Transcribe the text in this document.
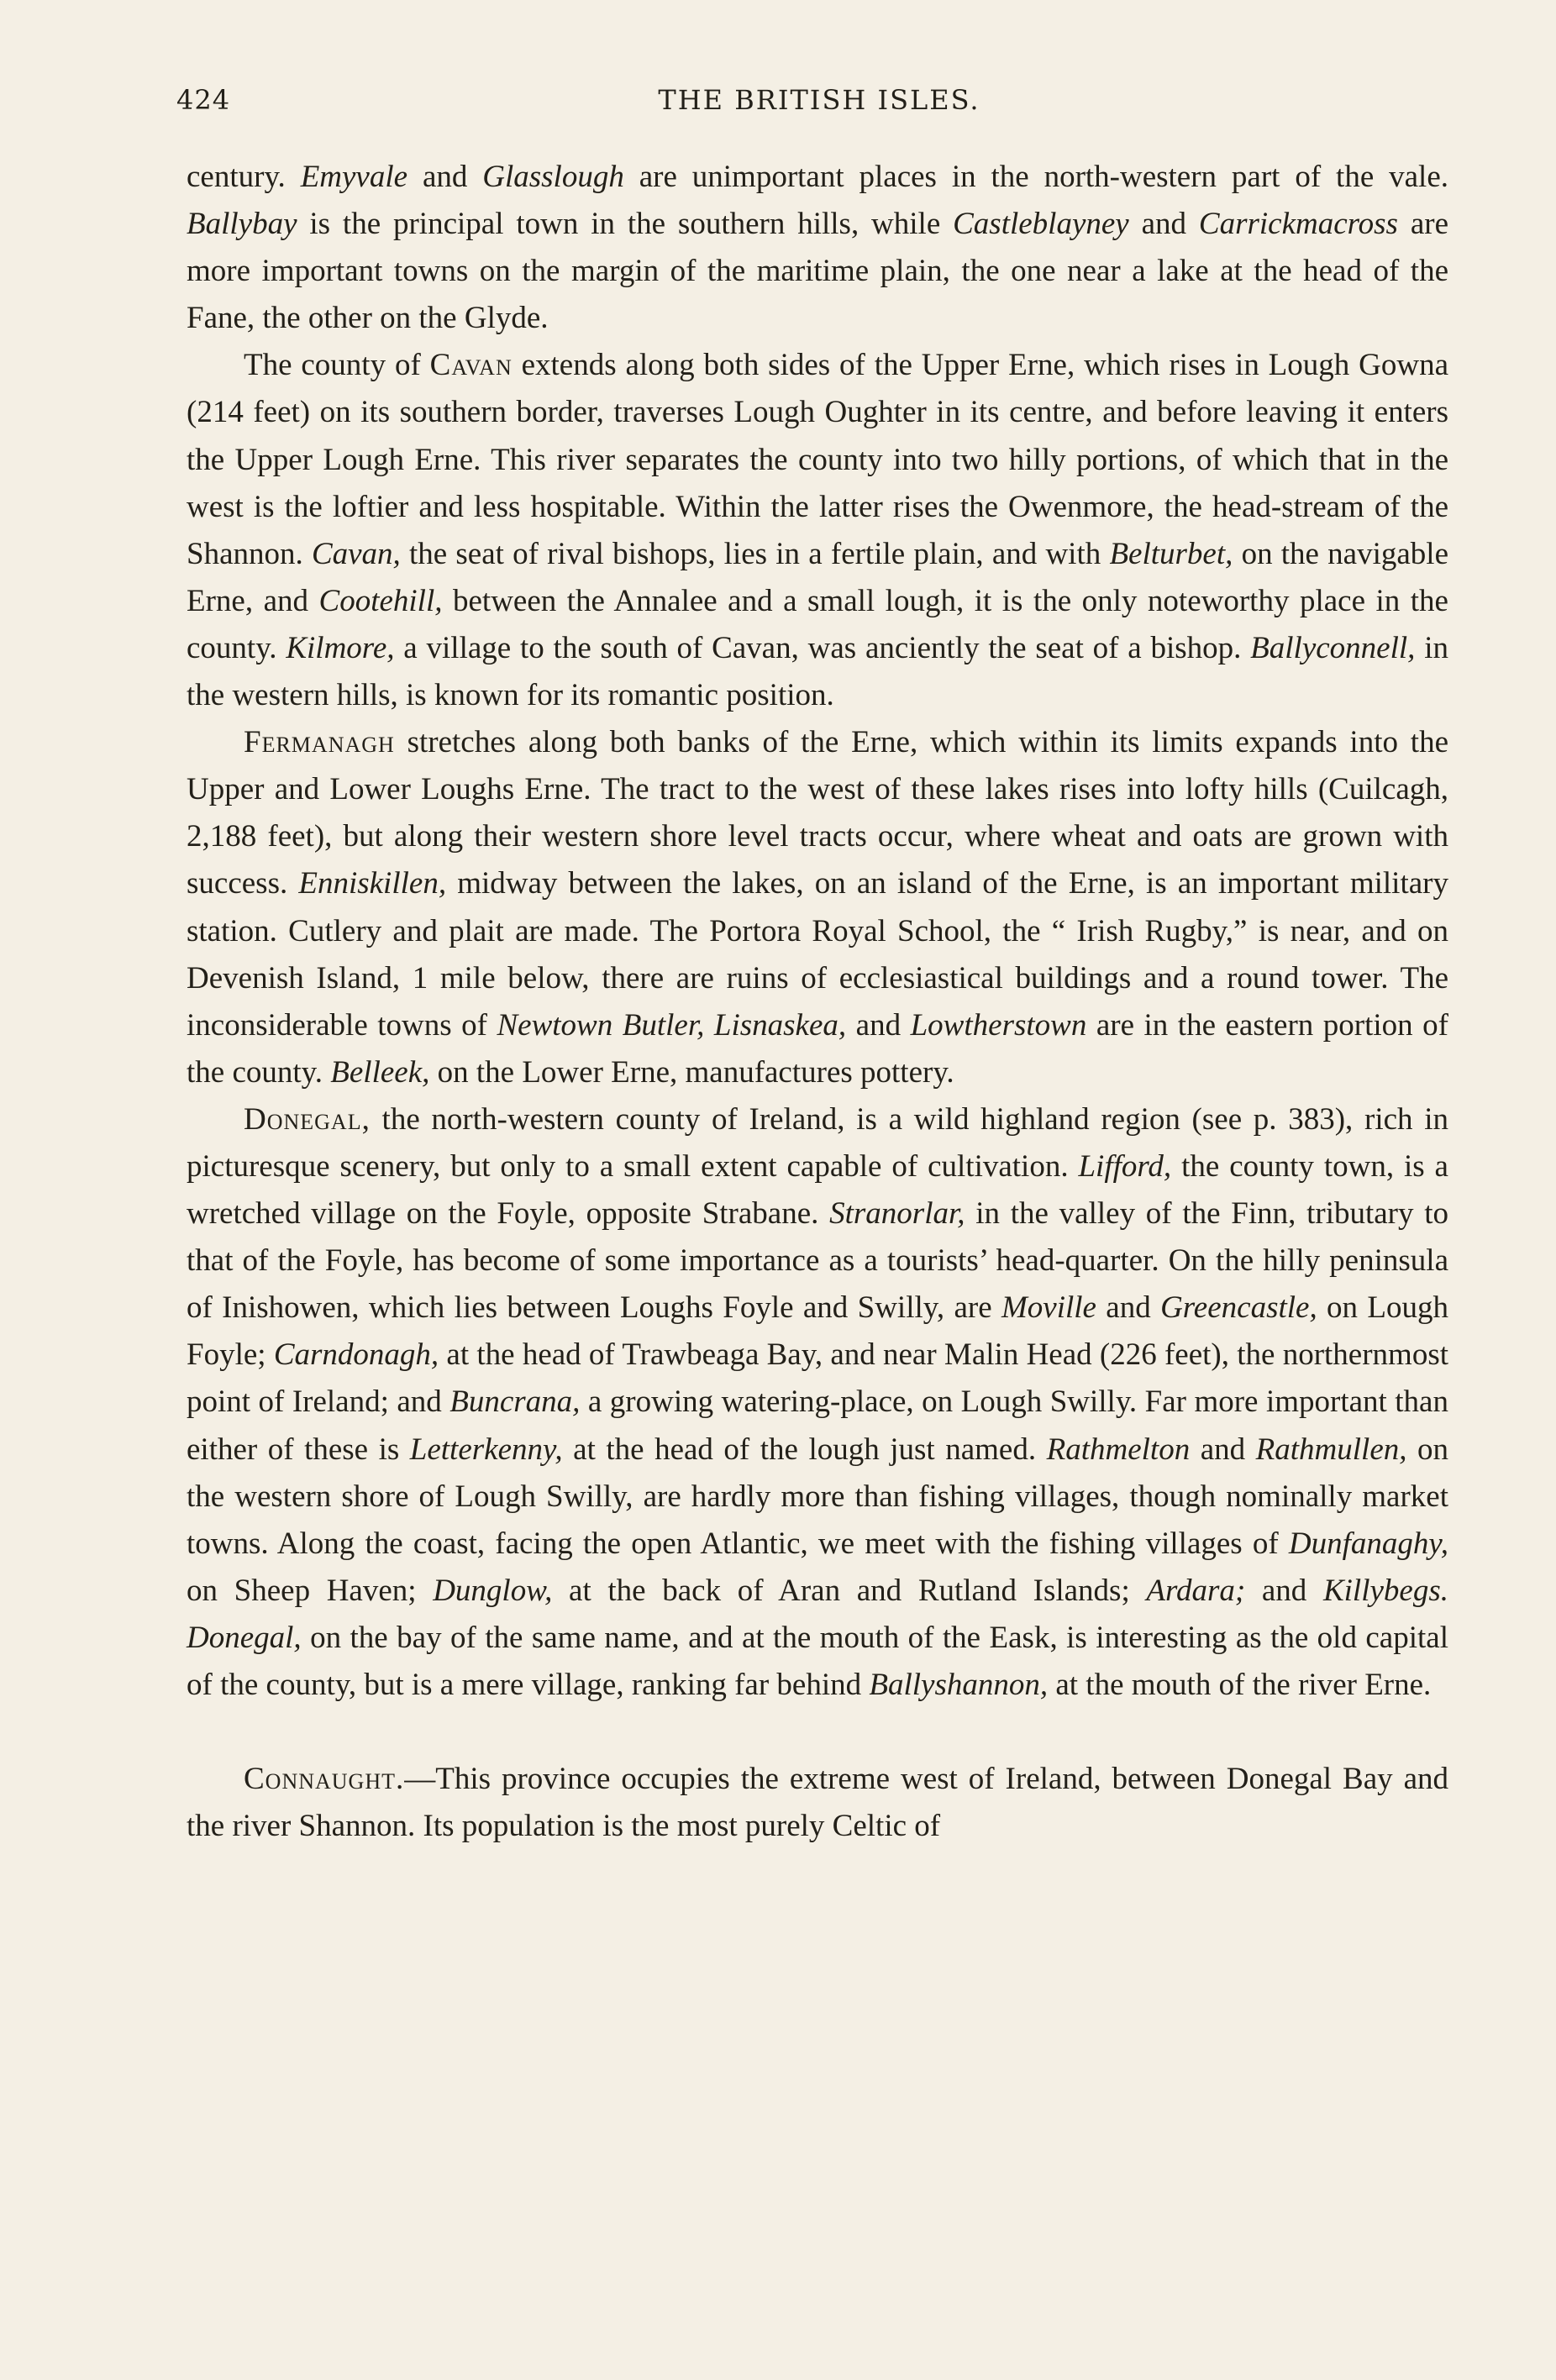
424	THE BRITISH ISLES.

century. Emyvale and Glasslough are unimportant places in the north-western part of the vale. Ballybay is the principal town in the southern hills, while Castleblayney and Carrickmacross are more important towns on the margin of the maritime plain, the one near a lake at the head of the Fane, the other on the Glyde.

The county of Cavan extends along both sides of the Upper Erne, which rises in Lough Gowna (214 feet) on its southern border, traverses Lough Oughter in its centre, and before leaving it enters the Upper Lough Erne. This river separates the county into two hilly portions, of which that in the west is the loftier and less hospitable. Within the latter rises the Owenmore, the head-stream of the Shannon. Cavan, the seat of rival bishops, lies in a fertile plain, and with Belturbet, on the navigable Erne, and Cootehill, between the Annalee and a small lough, it is the only noteworthy place in the county. Kilmore, a village to the south of Cavan, was anciently the seat of a bishop. Ballyconnell, in the western hills, is known for its romantic position.

Fermanagh stretches along both banks of the Erne, which within its limits expands into the Upper and Lower Loughs Erne. The tract to the west of these lakes rises into lofty hills (Cuilcagh, 2,188 feet), but along their western shore level tracts occur, where wheat and oats are grown with success. Enniskillen, midway between the lakes, on an island of the Erne, is an important military station. Cutlery and plait are made. The Portora Royal School, the “ Irish Rugby,” is near, and on Devenish Island, 1 mile below, there are ruins of ecclesiastical buildings and a round tower. The inconsiderable towns of Newtown Butler, Lisnaskea, and Lowtherstown are in the eastern portion of the county. Belleek, on the Lower Erne, manufactures pottery.

Donegal, the north-western county of Ireland, is a wild highland region (see p. 383), rich in picturesque scenery, but only to a small extent capable of cultivation. Lifford, the county town, is a wretched village on the Foyle, opposite Strabane. Stranorlar, in the valley of the Finn, tributary to that of the Foyle, has become of some importance as a tourists’ head-quarter. On the hilly peninsula of Inishowen, which lies between Loughs Foyle and Swilly, are Moville and Greencastle, on Lough Foyle; Carndonagh, at the head of Trawbeaga Bay, and near Malin Head (226 feet), the northernmost point of Ireland; and Buncrana, a growing watering-place, on Lough Swilly. Far more important than either of these is Letterkenny, at the head of the lough just named. Rathmelton and Rathmullen, on the western shore of Lough Swilly, are hardly more than fishing villages, though nominally market towns. Along the coast, facing the open Atlantic, we meet with the fishing villages of Dunfanaghy, on Sheep Haven; Dunglow, at the back of Aran and Rutland Islands; Ardara; and Killybegs. Donegal, on the bay of the same name, and at the mouth of the Eask, is interesting as the old capital of the county, but is a mere village, ranking far behind Ballyshannon, at the mouth of the river Erne.

Connaught.—This province occupies the extreme west of Ireland, between Donegal Bay and the river Shannon. Its population is the most purely Celtic of
